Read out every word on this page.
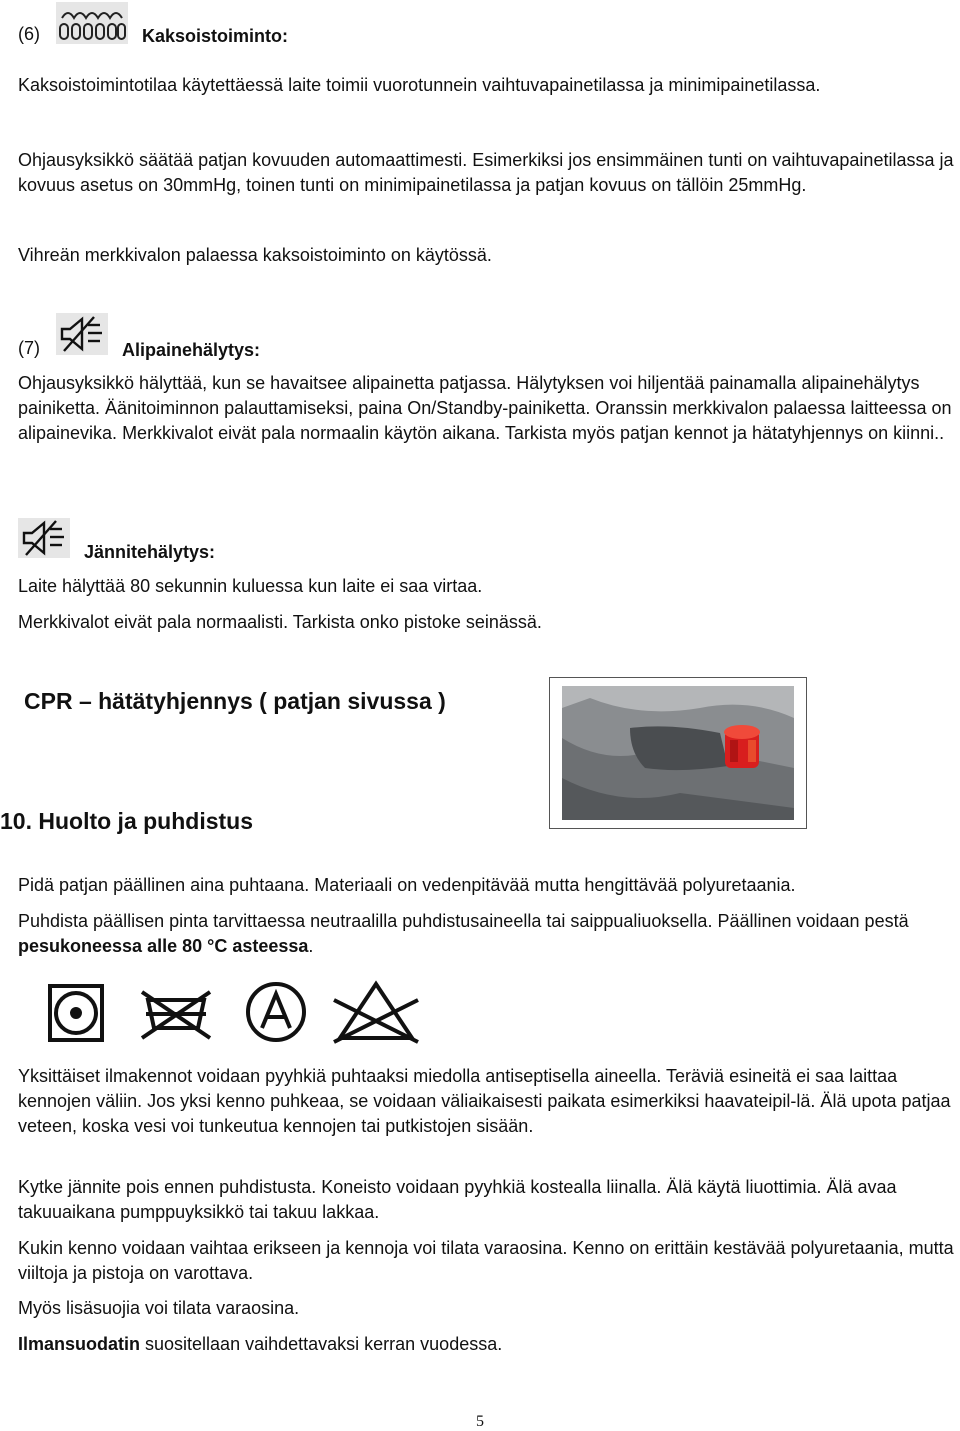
(6)	Kaksoistoiminto:
Kaksoistoimintotilaa käytettäessä laite toimii vuorotunnein vaihtuvapainetilassa ja minimipainetilassa.
Ohjausyksikkö säätää patjan kovuuden automaattimesti. Esimerkiksi jos ensimmäinen tunti on vaihtuvapainetilassa ja kovuus asetus on 30mmHg, toinen tunti on minimipainetilassa ja patjan kovuus on tällöin 25mmHg.
Vihreän merkkivalon palaessa kaksoistoiminto on käytössä.
(7)	Alipainehälytys:
Ohjausyksikkö hälyttää, kun se havaitsee alipainetta patjassa. Hälytyksen voi hiljentää painamalla alipainehälytys painiketta. Äänitoiminnon palauttamiseksi, paina On/Standby-painiketta. Oranssin merkkivalon palaessa laitteessa on alipainevika. Merkkivalot eivät pala normaalin käytön aikana. Tarkista myös patjan kennot ja hätatyhjennys on kiinni..
Jännitehälytys:
Laite hälyttää 80 sekunnin kuluessa kun laite ei saa virtaa.
Merkkivalot eivät pala normaalisti. Tarkista onko pistoke seinässä.
CPR – hätätyhjennys ( patjan sivussa )
10. Huolto ja puhdistus
Pidä patjan päällinen aina puhtaana. Materiaali on vedenpitävää mutta hengittävää polyuretaania.
Puhdista päällisen pinta tarvittaessa neutraalilla puhdistusaineella tai saippualiuoksella. Päällinen voidaan pestä pesukoneessa alle 80 °C asteessa.
Yksittäiset ilmakennot voidaan pyyhkiä puhtaaksi miedolla antiseptisella aineella. Teräviä esineitä ei saa laittaa kennojen väliin. Jos yksi kenno puhkeaa, se voidaan väliaikaisesti paikata esimerkiksi haavateipil-lä. Älä upota patjaa veteen, koska vesi voi tunkeutua kennojen tai putkistojen sisään.
Kytke jännite pois ennen puhdistusta. Koneisto voidaan pyyhkiä kostealla liinalla. Älä käytä liuottimia. Älä avaa takuuaikana pumppuyksikkö tai takuu lakkaa.
Kukin kenno voidaan vaihtaa erikseen ja kennoja voi tilata varaosina. Kenno on erittäin kestävää polyuretaania, mutta viiltoja ja pistoja on varottava.
Myös lisäsuojia voi tilata varaosina.
Ilmansuodatin suositellaan vaihdettavaksi kerran vuodessa.
5
